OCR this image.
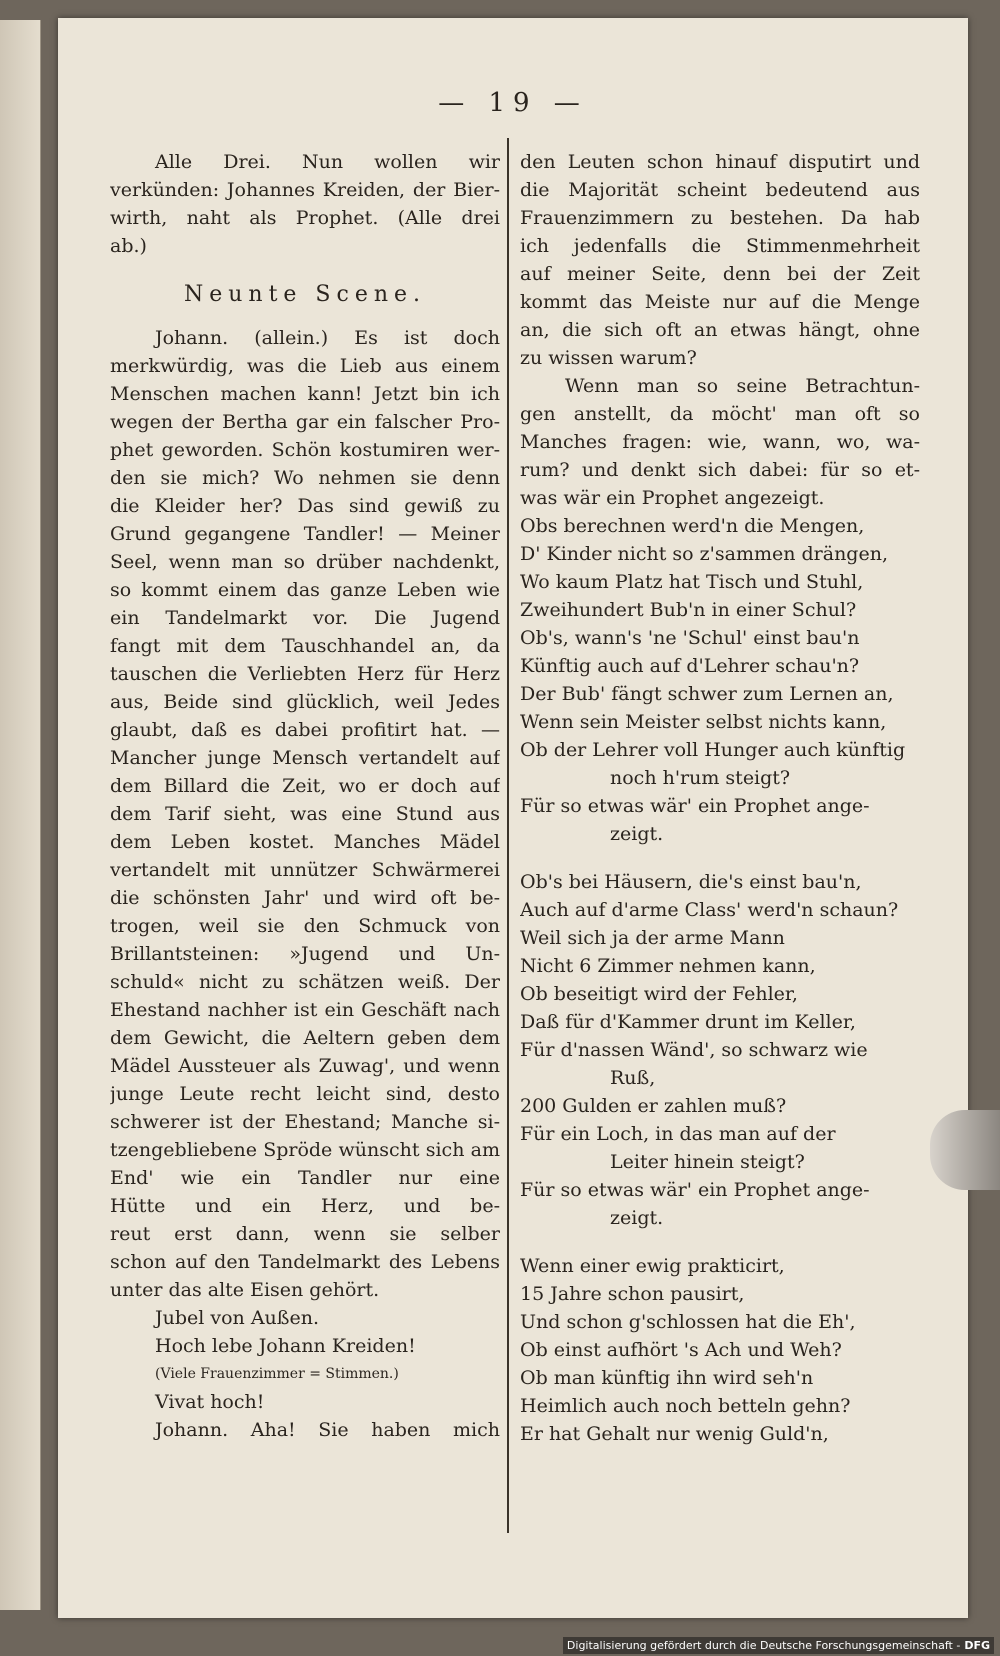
— 19 —
Alle Drei. Nun wollen wir
verkünden: Johannes Kreiden, der Bier-
wirth, naht als Prophet. (Alle drei
ab.)
Neunte Scene.
Johann. (allein.) Es ist doch
merkwürdig, was die Lieb aus einem
Menschen machen kann! Jetzt bin ich
wegen der Bertha gar ein falscher Pro-
phet geworden. Schön kostumiren wer-
den sie mich? Wo nehmen sie denn
die Kleider her? Das sind gewiß zu
Grund gegangene Tandler! — Meiner
Seel, wenn man so drüber nachdenkt,
so kommt einem das ganze Leben wie
ein Tandelmarkt vor. Die Jugend
fangt mit dem Tauschhandel an, da
tauschen die Verliebten Herz für Herz
aus, Beide sind glücklich, weil Jedes
glaubt, daß es dabei profitirt hat. —
Mancher junge Mensch vertandelt auf
dem Billard die Zeit, wo er doch auf
dem Tarif sieht, was eine Stund aus
dem Leben kostet. Manches Mädel
vertandelt mit unnützer Schwärmerei
die schönsten Jahr' und wird oft be-
trogen, weil sie den Schmuck von
Brillantsteinen: »Jugend und Un-
schuld« nicht zu schätzen weiß. Der
Ehestand nachher ist ein Geschäft nach
dem Gewicht, die Aeltern geben dem
Mädel Aussteuer als Zuwag', und wenn
junge Leute recht leicht sind, desto
schwerer ist der Ehestand; Manche si-
tzengebliebene Spröde wünscht sich am
End' wie ein Tandler nur eine
Hütte und ein Herz, und be-
reut erst dann, wenn sie selber
schon auf den Tandelmarkt des Lebens
unter das alte Eisen gehört.
Jubel von Außen.
Hoch lebe Johann Kreiden!
(Viele Frauenzimmer = Stimmen.)
Vivat hoch!
Johann. Aha! Sie haben mich
den Leuten schon hinauf disputirt und
die Majorität scheint bedeutend aus
Frauenzimmern zu bestehen. Da hab
ich jedenfalls die Stimmenmehrheit
auf meiner Seite, denn bei der Zeit
kommt das Meiste nur auf die Menge
an, die sich oft an etwas hängt, ohne
zu wissen warum?
Wenn man so seine Betrachtun-
gen anstellt, da möcht' man oft so
Manches fragen: wie, wann, wo, wa-
rum? und denkt sich dabei: für so et-
was wär ein Prophet angezeigt.
Obs berechnen werd'n die Mengen,
D' Kinder nicht so z'sammen drängen,
Wo kaum Platz hat Tisch und Stuhl,
Zweihundert Bub'n in einer Schul?
Ob's, wann's 'ne 'Schul' einst bau'n
Künftig auch auf d'Lehrer schau'n?
Der Bub' fängt schwer zum Lernen an,
Wenn sein Meister selbst nichts kann,
Ob der Lehrer voll Hunger auch künftig
noch h'rum steigt?
Für so etwas wär' ein Prophet ange-
zeigt.
Ob's bei Häusern, die's einst bau'n,
Auch auf d'arme Class' werd'n schaun?
Weil sich ja der arme Mann
Nicht 6 Zimmer nehmen kann,
Ob beseitigt wird der Fehler,
Daß für d'Kammer drunt im Keller,
Für d'nassen Wänd', so schwarz wie
Ruß,
200 Gulden er zahlen muß?
Für ein Loch, in das man auf der
Leiter hinein steigt?
Für so etwas wär' ein Prophet ange-
zeigt.
Wenn einer ewig prakticirt,
15 Jahre schon pausirt,
Und schon g'schlossen hat die Eh',
Ob einst aufhört 's Ach und Weh?
Ob man künftig ihn wird seh'n
Heimlich auch noch betteln gehn?
Er hat Gehalt nur wenig Guld'n,
Digitalisierung gefördert durch die Deutsche Forschungsgemeinschaft - DFG
